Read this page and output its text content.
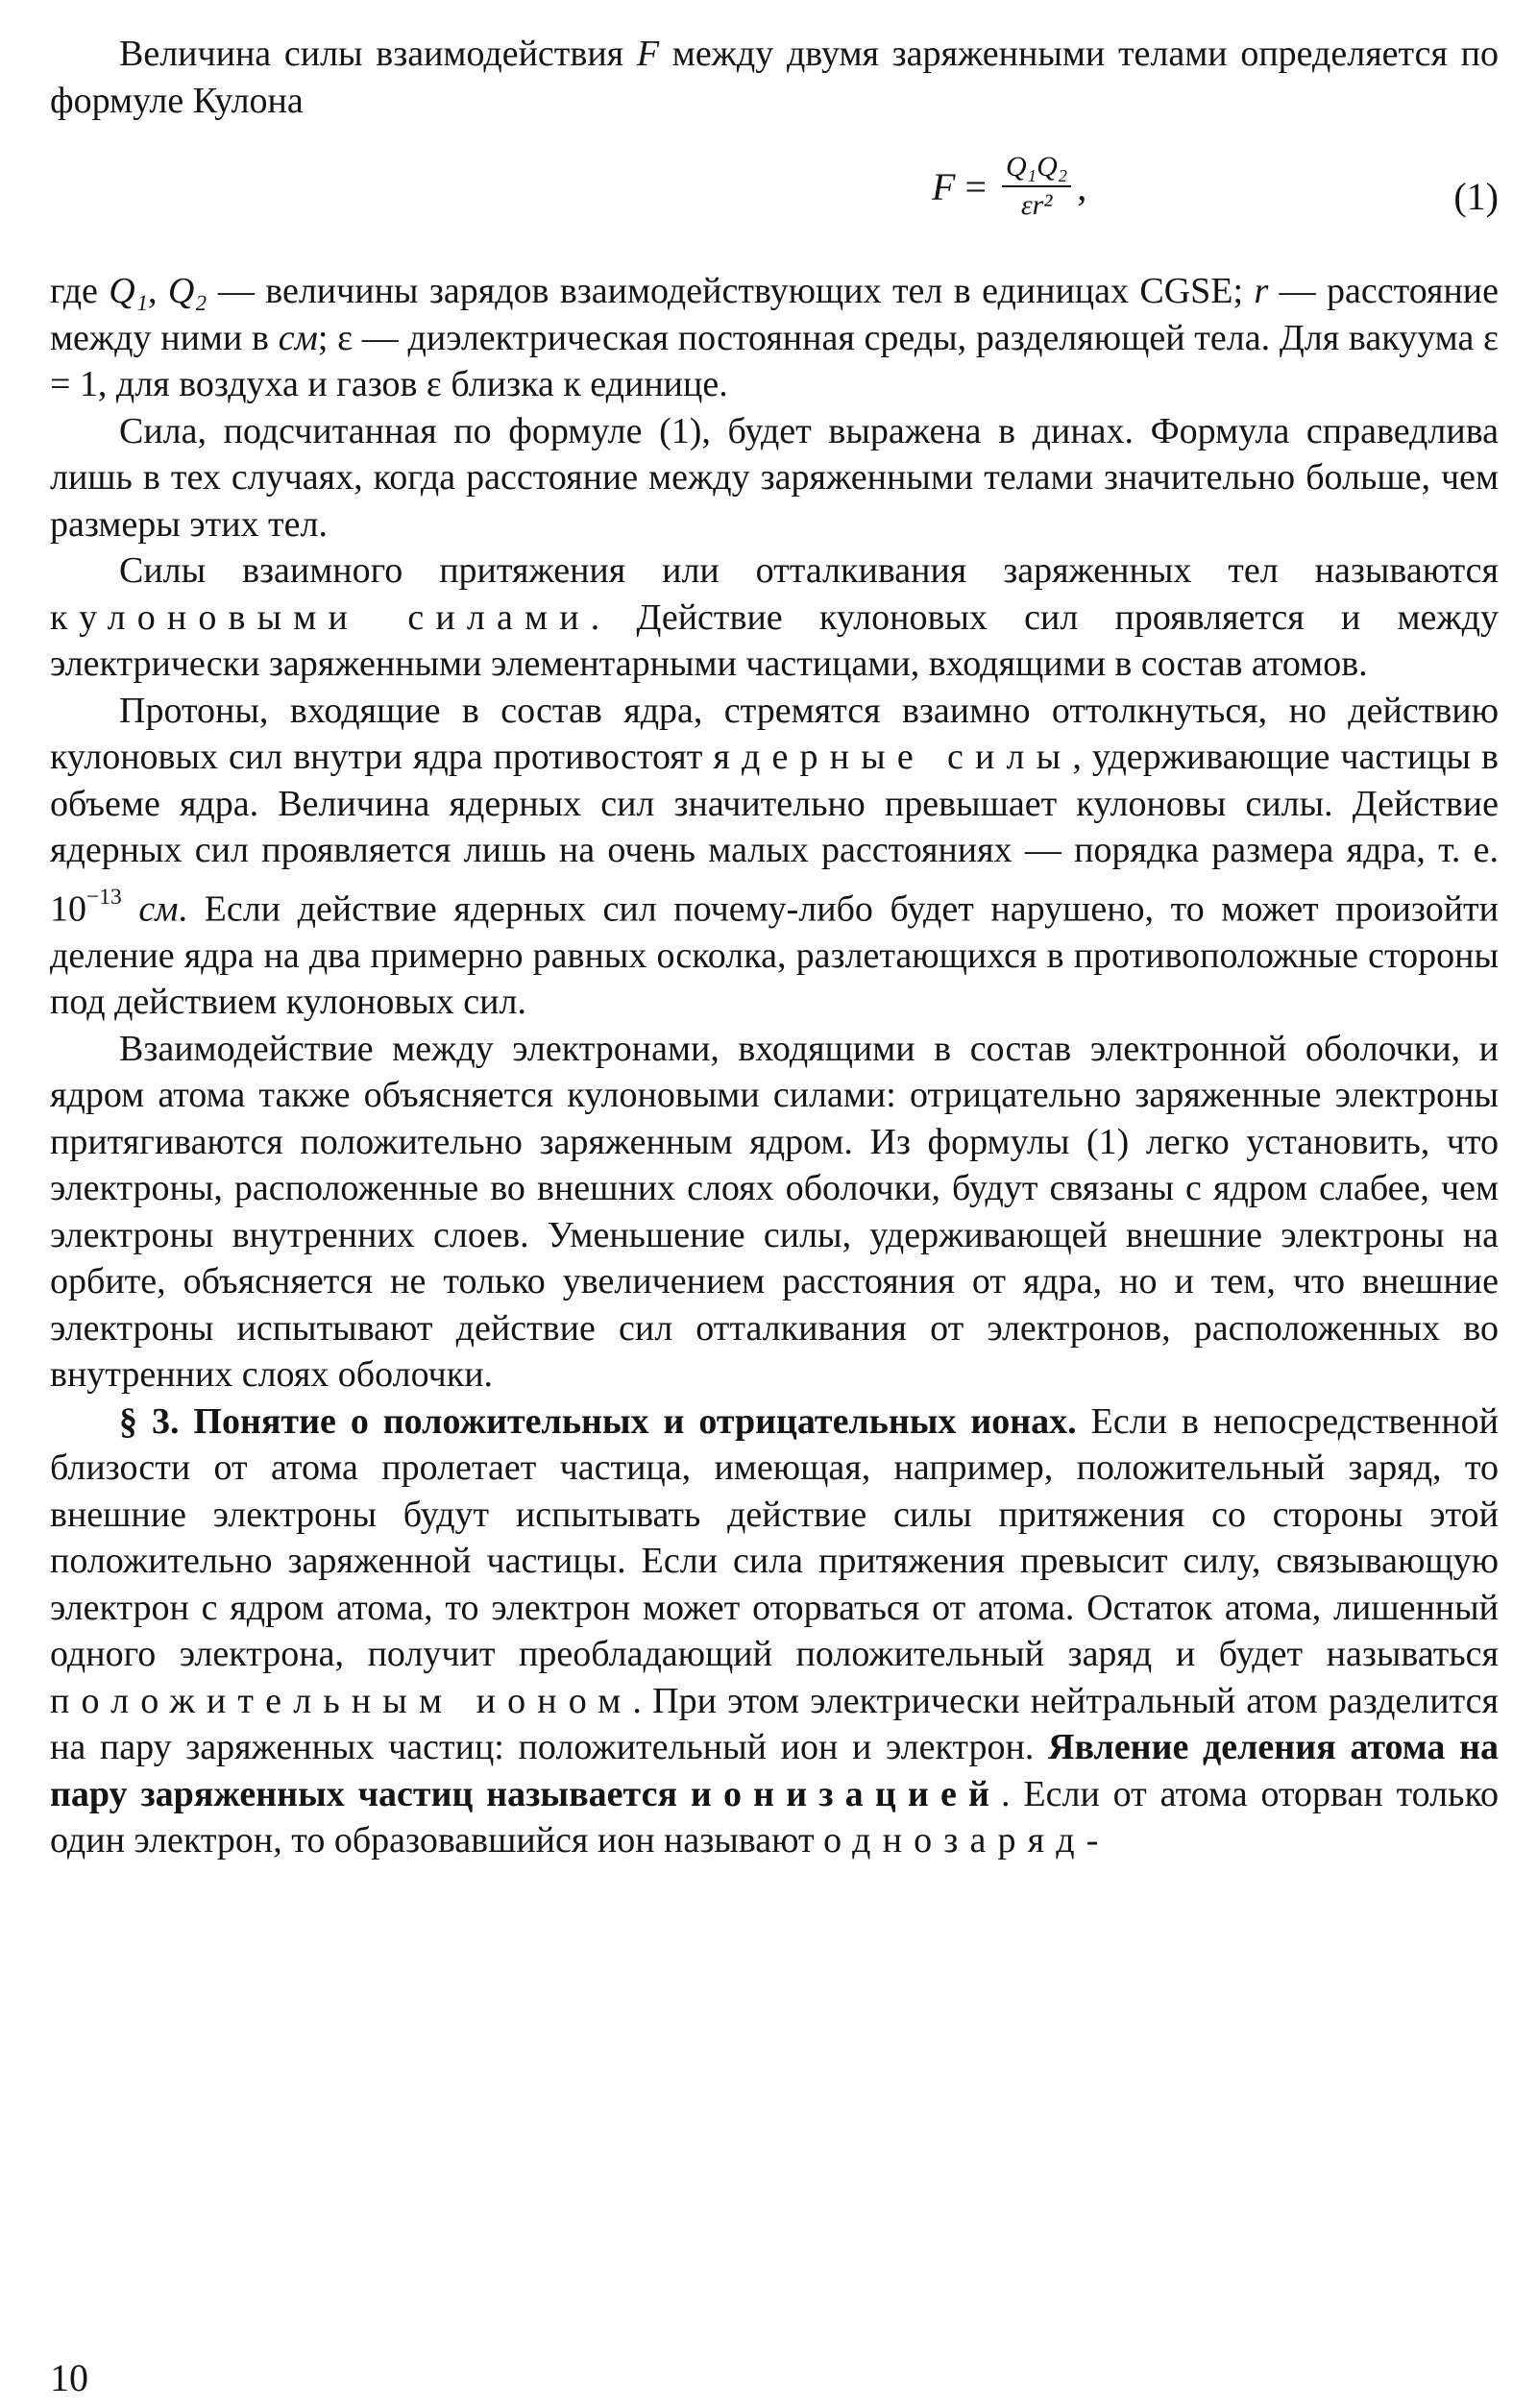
Величина силы взаимодействия F между двумя заряженными телами определяется по формуле Кулона

$F = \frac{\text{Q₁Q₂}}{\text{εr²}}$ ,	(1)

где Q₁, Q₂ — величины зарядов взаимодействующих тел в единицах CGSE; r — расстояние между ними в см; ε — диэлектрическая постоянная среды, разделяющей тела. Для вакуума ε = 1, для воздуха и газов ε близка к единице.

Сила, подсчитанная по формуле (1), будет выражена в динах. Формула справедлива лишь в тех случаях, когда расстояние между заряженными телами значительно больше, чем размеры этих тел.

Силы взаимного притяжения или отталкивания заряженных тел называются кулоновыми силами. Действие кулоновых сил проявляется и между электрически заряженными элементарными частицами, входящими в состав атомов.

Протоны, входящие в состав ядра, стремятся взаимно оттолкнуться, но действию кулоновых сил внутри ядра противостоят ядерные силы, удерживающие частицы в объеме ядра. Величина ядерных сил значительно превышает кулоновы силы. Действие ядерных сил проявляется лишь на очень малых расстояниях — порядка размера ядра, т. е. $10^{-13}$ см. Если действие ядерных сил почему-либо будет нарушено, то может произойти деление ядра на два примерно равных осколка, разлетающихся в противоположные стороны под действием кулоновых сил.

Взаимодействие между электронами, входящими в состав электронной оболочки, и ядром атома также объясняется кулоновыми силами: отрицательно заряженные электроны притягиваются положительно заряженным ядром. Из формулы (1) легко установить, что электроны, расположенные во внешних слоях оболочки, будут связаны с ядром слабее, чем электроны внутренних слоев. Уменьшение силы, удерживающей внешние электроны на орбите, объясняется не только увеличением расстояния от ядра, но и тем, что внешние электроны испытывают действие сил отталкивания от электронов, расположенных во внутренних слоях оболочки.

§ 3. Понятие о положительных и отрицательных ионах. Если в непосредственной близости от атома пролетает частица, имеющая, например, положительный заряд, то внешние электроны будут испытывать действие силы притяжения со стороны этой положительно заряженной частицы. Если сила притяжения превысит силу, связывающую электрон с ядром атома, то электрон может оторваться от атома. Остаток атома, лишенный одного электрона, получит преобладающий положительный заряд и будет называться положительным ионом. При этом электрически нейтральный атом разделится на пару заряженных частиц: положительный ион и электрон. Явление деления атома на пару заряженных частиц называется ионизацией. Если от атома оторван только один электрон, то образовавшийся ион называют однозаряд-

10
